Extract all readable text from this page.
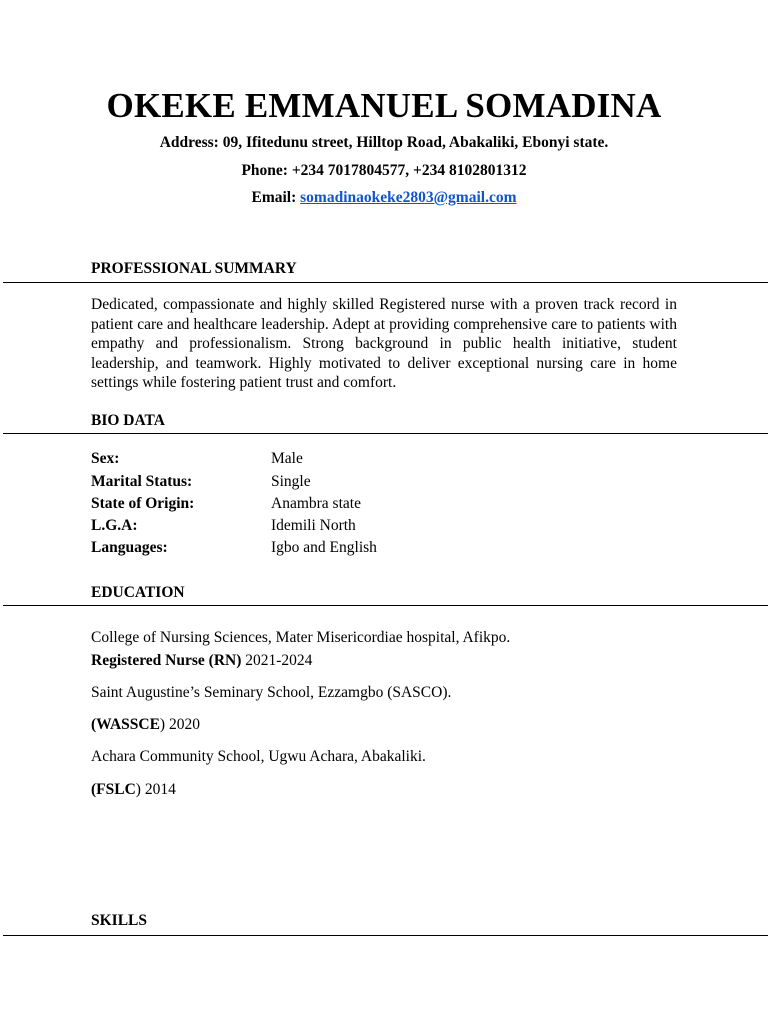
OKEKE EMMANUEL SOMADINA
Address: 09, Ifitedunu street, Hilltop Road, Abakaliki, Ebonyi state.
Phone: +234 7017804577, +234 8102801312
Email: somadinaokeke2803@gmail.com
PROFESSIONAL SUMMARY
Dedicated, compassionate and highly skilled Registered nurse with a proven track record in patient care and healthcare leadership. Adept at providing comprehensive care to patients with empathy and professionalism. Strong background in public health initiative, student leadership, and teamwork. Highly motivated to deliver exceptional nursing care in home settings while fostering patient trust and comfort.
BIO DATA
Sex:	Male
Marital Status:	Single
State of Origin:	Anambra state
L.G.A:	Idemili North
Languages:	Igbo and English
EDUCATION
College of Nursing Sciences, Mater Misericordiae hospital, Afikpo.
Registered Nurse (RN) 2021-2024
Saint Augustine’s Seminary School, Ezzamgbo (SASCO).
(WASSCE) 2020
Achara Community School, Ugwu Achara, Abakaliki.
(FSLC) 2014
SKILLS
